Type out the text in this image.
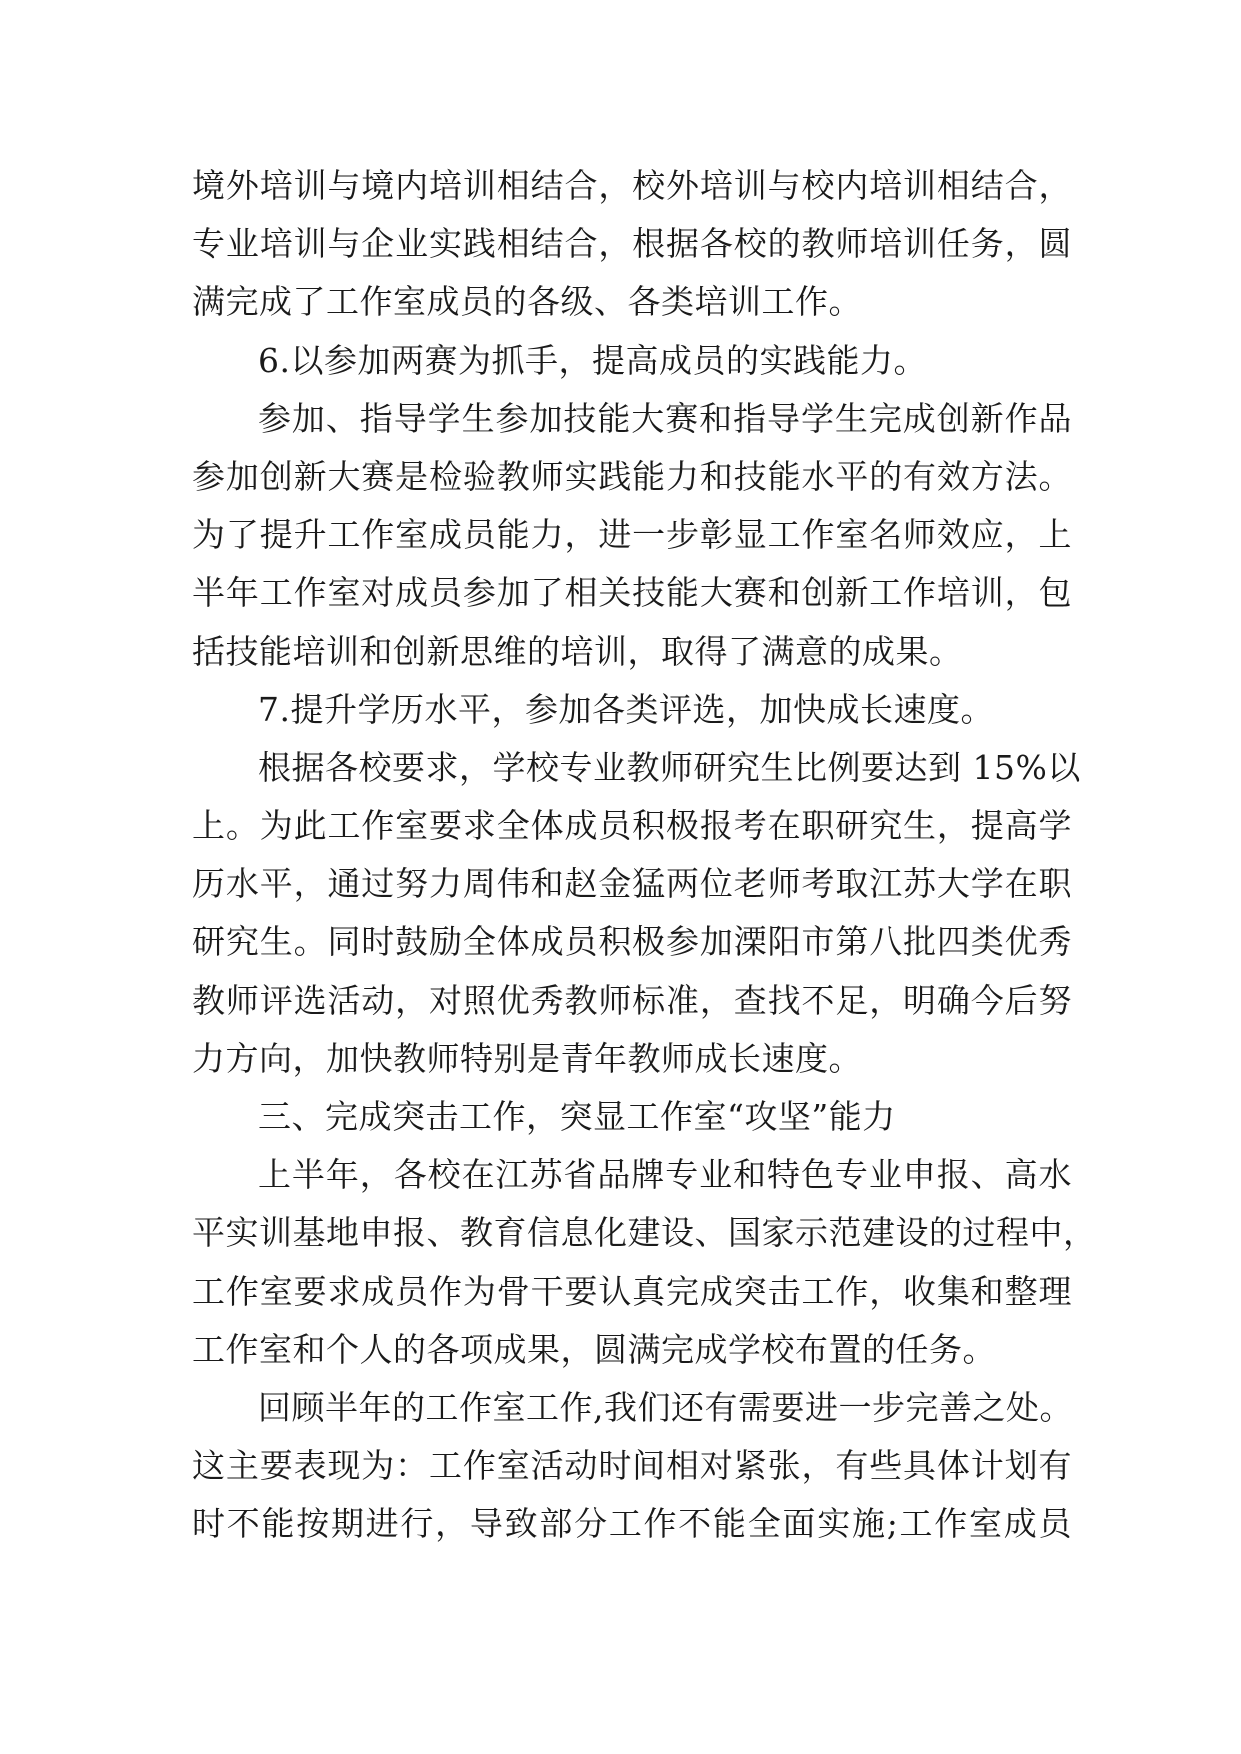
境外培训与境内培训相结合，校外培训与校内培训相结合，
专业培训与企业实践相结合，根据各校的教师培训任务，圆
满完成了工作室成员的各级、各类培训工作。
6.以参加两赛为抓手，提高成员的实践能力。
参加、指导学生参加技能大赛和指导学生完成创新作品
参加创新大赛是检验教师实践能力和技能水平的有效方法。
为了提升工作室成员能力，进一步彰显工作室名师效应，上
半年工作室对成员参加了相关技能大赛和创新工作培训，包
括技能培训和创新思维的培训，取得了满意的成果。
7.提升学历水平，参加各类评选，加快成长速度。
根据各校要求，学校专业教师研究生比例要达到 15%以
上。为此工作室要求全体成员积极报考在职研究生，提高学
历水平，通过努力周伟和赵金猛两位老师考取江苏大学在职
研究生。同时鼓励全体成员积极参加溧阳市第八批四类优秀
教师评选活动，对照优秀教师标准，查找不足，明确今后努
力方向，加快教师特别是青年教师成长速度。
三、完成突击工作，突显工作室“攻坚”能力
上半年，各校在江苏省品牌专业和特色专业申报、高水
平实训基地申报、教育信息化建设、国家示范建设的过程中，
工作室要求成员作为骨干要认真完成突击工作，收集和整理
工作室和个人的各项成果，圆满完成学校布置的任务。
回顾半年的工作室工作,我们还有需要进一步完善之处。
这主要表现为：工作室活动时间相对紧张，有些具体计划有
时不能按期进行，导致部分工作不能全面实施;工作室成员
